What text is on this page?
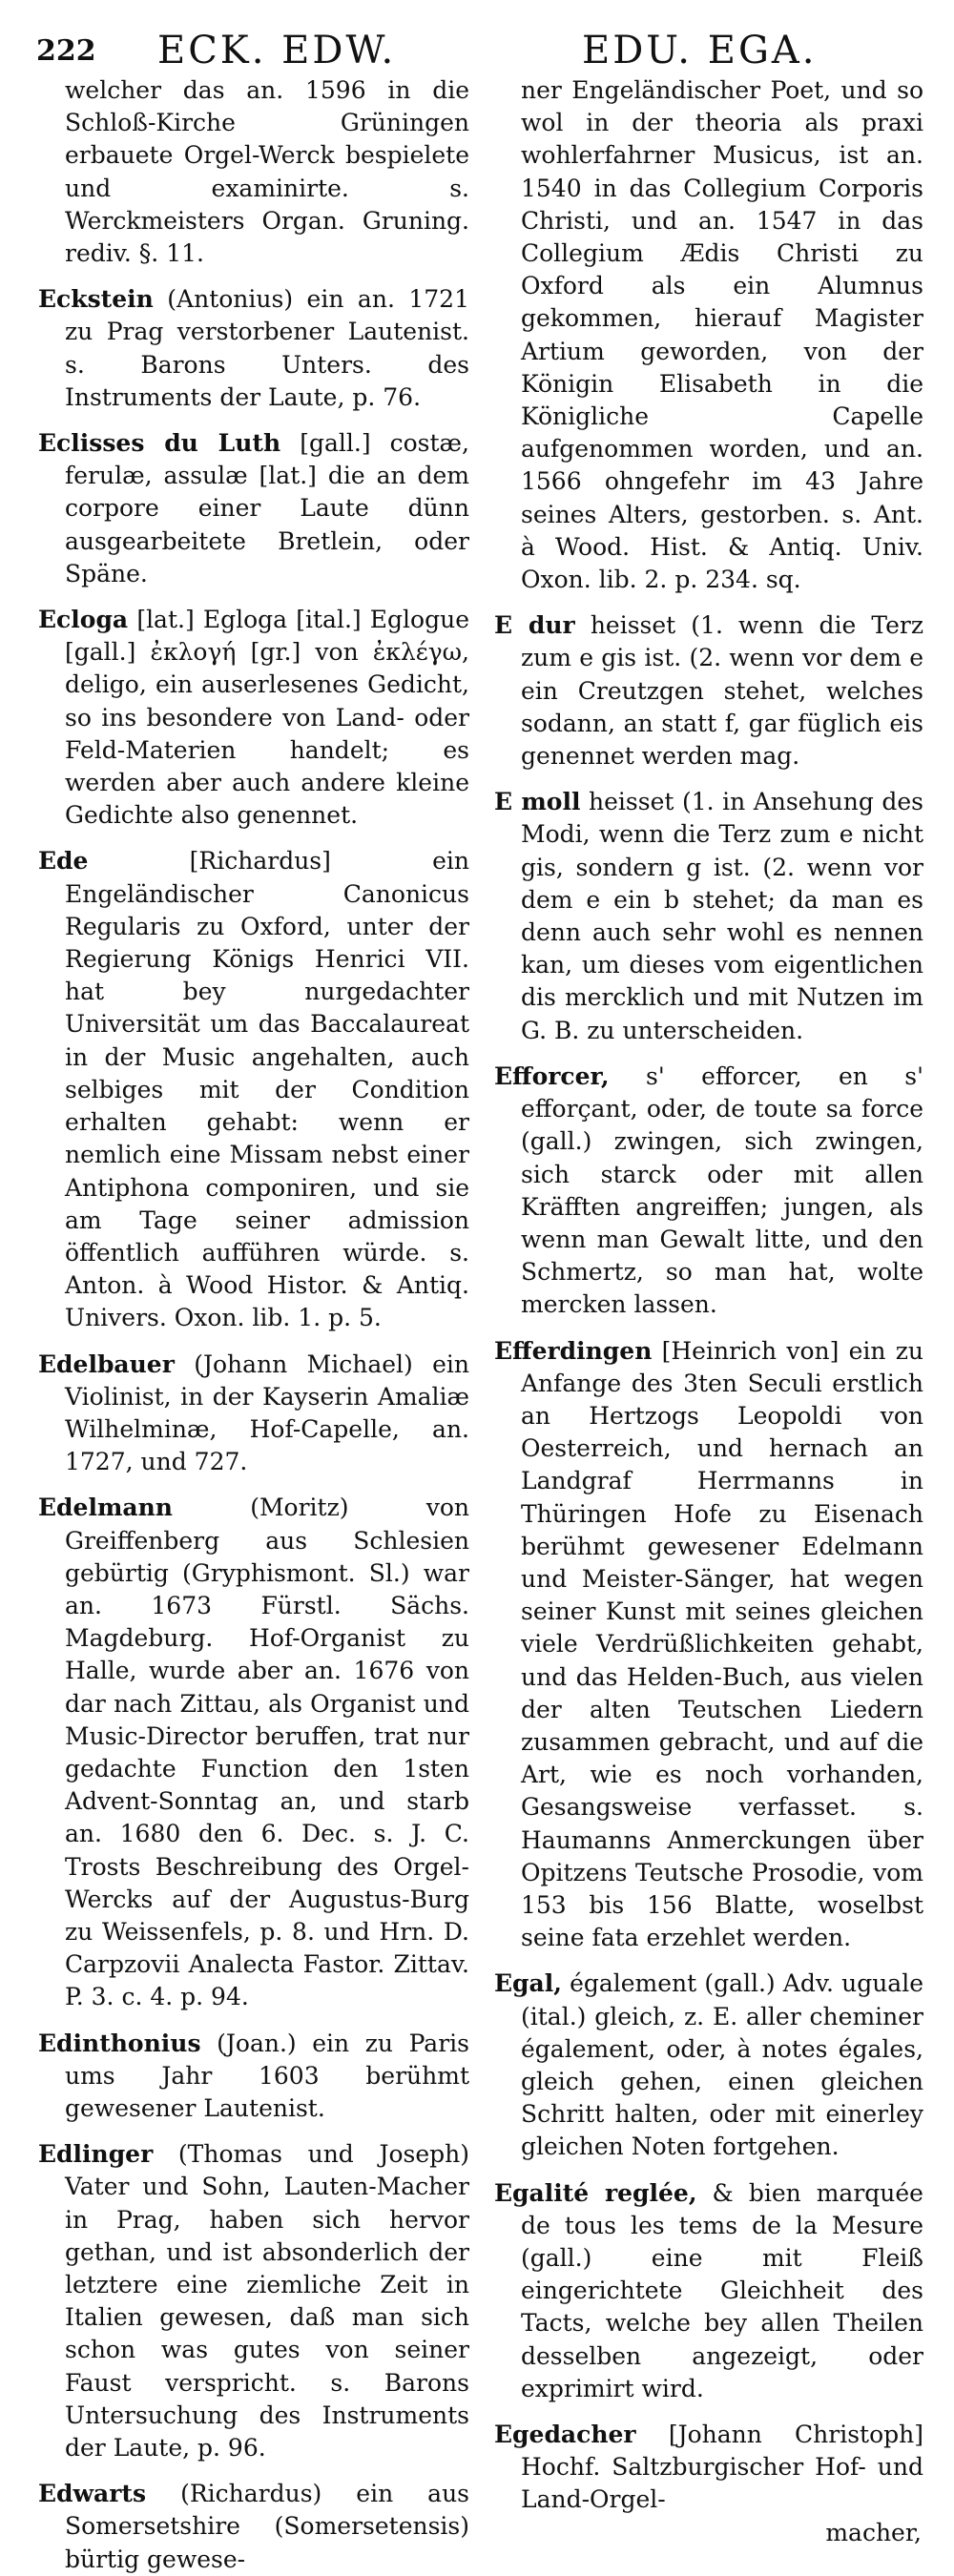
222 ECK. EDW.	EDU. EGA.

welcher das an. 1596 in die Schloß-Kirche Grüningen erbauete Orgel-Werck bespielete und examinirte. s. Werckmeisters Organ. Gruning. rediv. §. 11.

Eckstein (Antonius) ein an. 1721 zu Prag verstorbener Lautenist. s. Barons Unters. des Instruments der Laute, p. 76.

Eclisses du Luth [gall.] costæ, ferulæ, assulæ [lat.] die an dem corpore einer Laute dünn ausgearbeitete Bretlein, oder Späne.

Ecloga [lat.] Egloga [ital.] Eglogue [gall.] ἐκλογή [gr.] von ἐκλέγω, deligo, ein auserlesenes Gedicht, so ins besondere von Land- oder Feld-Materien handelt; es werden aber auch andere kleine Gedichte also genennet.

Ede	[Richardus] ein Engeländischer Canonicus Regularis zu Oxford, unter der Regierung Königs Henrici VII. hat bey nurgedachter Universität um das Baccalaureat in der Music angehalten, auch selbiges mit der Condition erhalten gehabt: wenn er nemlich eine Missam nebst einer Antiphona componiren, und sie am Tage seiner admission öffentlich aufführen würde. s. Anton. à Wood Histor. & Antiq. Univers. Oxon. lib. 1. p. 5.

Edelbauer (Johann Michael) ein Violinist, in der Kayserin Amaliæ Wilhelminæ, Hof-Capelle, an. 1727, und 727.

Edelmann	(Moritz) von Greiffenberg aus Schlesien gebürtig (Gryphismont. Sl.) war an. 1673 Fürstl. Sächs. Magdeburg. Hof-Organist zu Halle, wurde aber an. 1676 von dar nach Zittau, als Organist und Music-Director beruffen, trat nur gedachte Function den 1sten Advent-Sonntag an, und starb an. 1680 den 6. Dec. s. J. C. Trosts Beschreibung des Orgel-Wercks auf der Augustus-Burg zu Weissenfels, p. 8. und Hrn. D. Carpzovii Analecta Fastor. Zittav. P. 3. c. 4. p. 94.

Edinthonius (Joan.) ein zu Paris ums Jahr 1603 berühmt gewesener Lautenist.

Edlinger (Thomas und Joseph) Vater und Sohn, Lauten-Macher in Prag, haben sich hervor gethan, und ist absonderlich der letztere eine ziemliche Zeit in Italien gewesen, daß man sich schon was gutes von seiner Faust verspricht. s. Barons Untersuchung des Instruments der Laute, p. 96.

Edwarts (Richardus) ein aus Somersetshire (Somersetensis) bürtig gewese-

ner Engeländischer Poet, und so wol in der theoria als praxi wohlerfahrner Musicus, ist an. 1540 in das Collegium Corporis Christi, und an. 1547 in das Collegium Ædis Christi zu Oxford als ein Alumnus gekommen, hierauf Magister Artium geworden, von der Königin Elisabeth in die Königliche Capelle aufgenommen worden, und an. 1566 ohngefehr im 43 Jahre seines Alters, gestorben. s. Ant. à Wood. Hist. & Antiq. Univ. Oxon. lib. 2. p. 234. sq.

E dur heisset (1. wenn die Terz zum e gis ist. (2. wenn vor dem e ein Creutzgen stehet, welches sodann, an statt f, gar füglich eis genennet werden mag.

E moll heisset (1. in Ansehung des Modi, wenn die Terz zum e nicht gis, sondern g ist. (2. wenn vor dem e ein b stehet; da man es denn auch sehr wohl es nennen kan, um dieses vom eigentlichen dis mercklich und mit Nutzen im G. B. zu unterscheiden.

Efforcer, s' efforcer, en s' efforçant, oder, de toute sa force (gall.) zwingen, sich zwingen, sich starck oder mit allen Kräfften angreiffen; jungen, als wenn man Gewalt litte, und den Schmertz, so man hat, wolte mercken lassen.

Efferdingen [Heinrich von] ein zu Anfange des 3ten Seculi erstlich an Hertzogs Leopoldi von Oesterreich, und hernach an Landgraf Herrmanns in Thüringen Hofe zu Eisenach berühmt gewesener Edelmann und Meister-Sänger, hat wegen seiner Kunst mit seines gleichen viele Verdrüßlichkeiten gehabt, und das Helden-Buch, aus vielen der alten Teutschen Liedern zusammen gebracht, und auf die Art, wie es noch vorhanden, Gesangsweise verfasset. s. Haumanns Anmerckungen über Opitzens Teutsche Prosodie, vom 153 bis 156 Blatte, woselbst seine fata erzehlet werden.

Egal, également (gall.) Adv. uguale (ital.) gleich, z. E. aller cheminer également, oder, à notes égales, gleich gehen, einen gleichen Schritt halten, oder mit einerley gleichen Noten fortgehen.

Egalité reglée, & bien marquée de tous les tems de la Mesure (gall.) eine mit Fleiß eingerichtete Gleichheit des Tacts, welche bey allen Theilen desselben angezeigt, oder exprimirt wird.

Egedacher [Johann Christoph] Hochf. Saltzburgischer Hof- und Land-Orgel-

macher,
